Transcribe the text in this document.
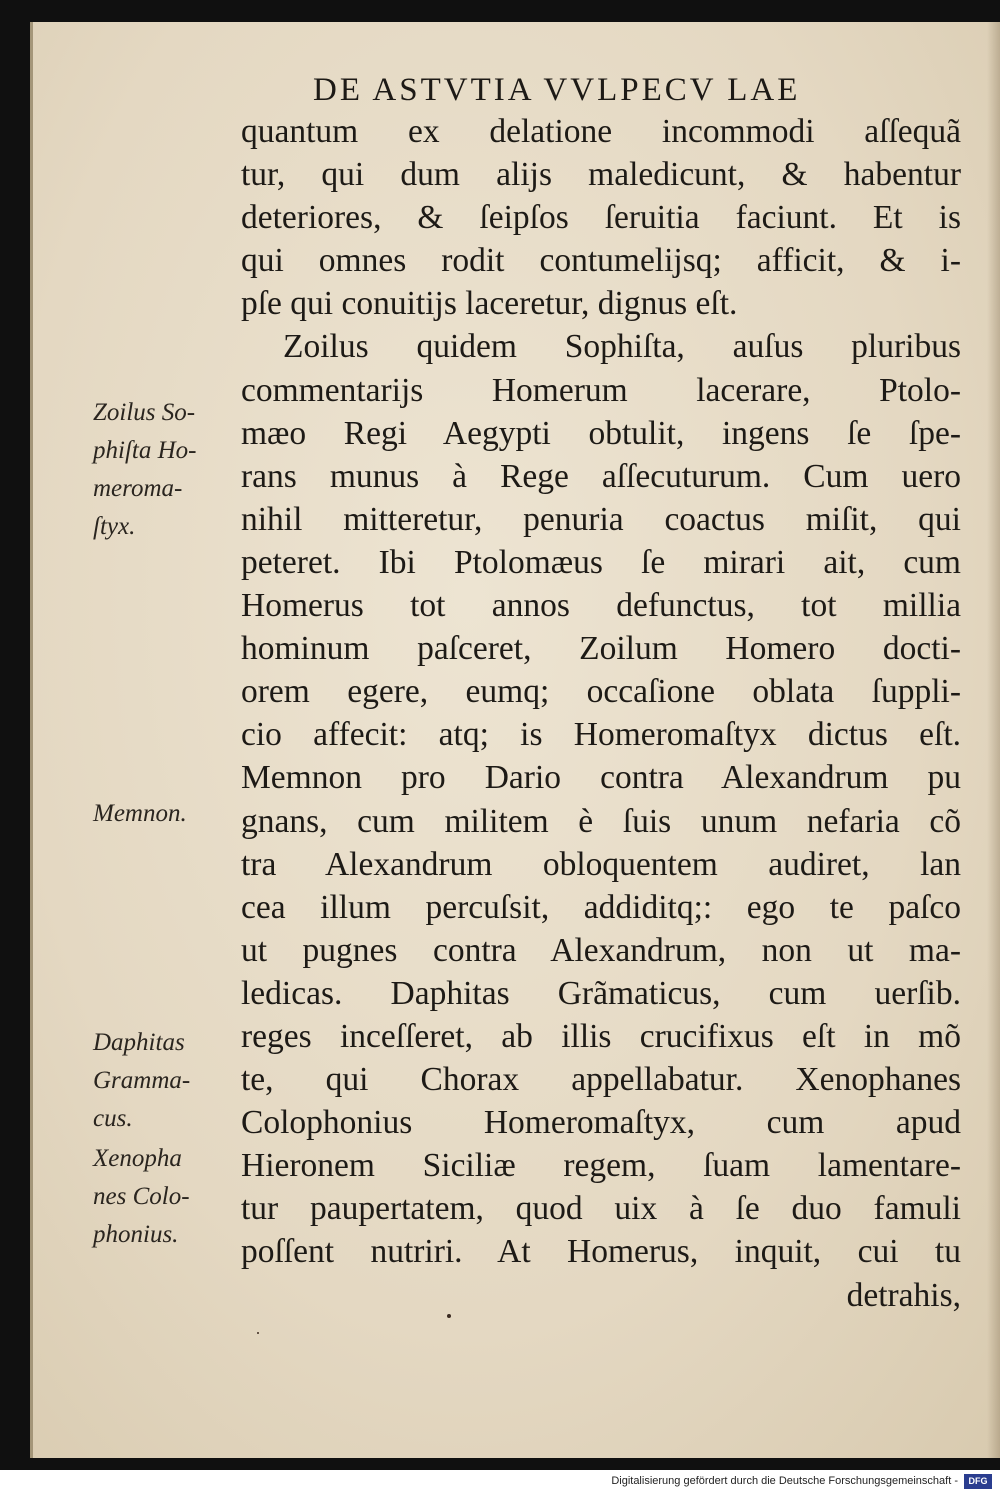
DE ASTVTIA VVLPECV LAE
Zoilus So-
phiſta Ho-
meroma-
ſtyx.
Memnon.
Daphitas
Gramma-
cus.
Xenopha
nes Colo-
phonius.
quantum ex delatione incommodi aſſequã
tur, qui dum alijs maledicunt, & habentur
deteriores, & ſeipſos ſeruitia faciunt. Et is
qui omnes rodit contumelijsq; afficit, & i-
pſe qui conuitijs laceretur, dignus eſt.
Zoilus quidem Sophiſta, auſus pluribus
commentarijs Homerum lacerare, Ptolo-
mæo Regi Aegypti obtulit, ingens ſe ſpe-
rans munus à Rege aſſecuturum. Cum uero
nihil mitteretur, penuria coactus miſit, qui
peteret. Ibi Ptolomæus ſe mirari ait, cum
Homerus tot annos defunctus, tot millia
hominum paſceret, Zoilum Homero docti-
orem egere, eumq; occaſione oblata ſuppli-
cio affecit: atq; is Homeromaſtyx dictus eſt.
Memnon pro Dario contra Alexandrum pu
gnans, cum militem è ſuis unum nefaria cõ
tra Alexandrum obloquentem audiret, lan
cea illum percuſsit, addiditq;: ego te paſco
ut pugnes contra Alexandrum, non ut ma-
ledicas. Daphitas Grãmaticus, cum uerſib.
reges inceſſeret, ab illis crucifixus eſt in mõ
te, qui Chorax appellabatur. Xenophanes
Colophonius Homeromaſtyx, cum apud
Hieronem Siciliæ regem, ſuam lamentare-
tur paupertatem, quod uix à ſe duo famuli
poſſent nutriri. At Homerus, inquit, cui tu
detrahis,
Digitalisierung gefördert durch die Deutsche Forschungsgemeinschaft -	DFG
